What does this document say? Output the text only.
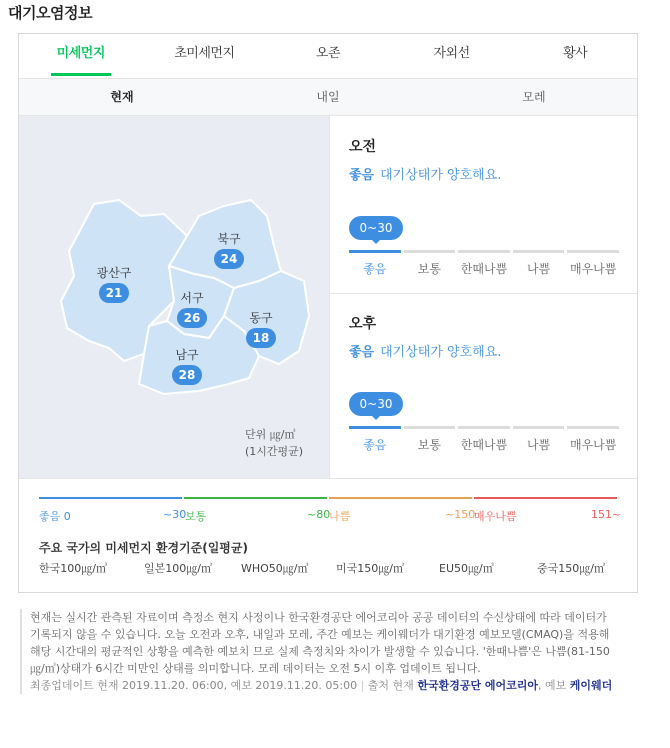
대기오염정보
미세먼지	초미세먼지	오존	자외선	황사
현재	내일	모레
광산구
21
북구
24
서구
26	동구
18
남구
28
단위 ㎍/㎥
(1시간평균)
오전
좋음 대기상태가 양호해요.
0~30
좋음	보통	한때나쁨	나쁨	매우나쁨
오후
좋음 대기상태가 양호해요.
0~30
좋음	보통	한때나쁨	나쁨	매우나쁨
좋음 0	~30
보통	~80
나쁨	~150
매우나쁨	151~
주요 국가의 미세먼지 환경기준(일평균)
한국100㎍/㎥	일본100㎍/㎥	WHO50㎍/㎥ 미국150㎍/㎥	EU50㎍/㎥	중국150㎍/㎥
현재는 실시간 관측된 자료이며 측정소 현지 사정이나 한국환경공단 에어코리아 공공 데이터의 수신상태에 따라 데이터가 기록되지 않을 수 있습니다. 오늘 오전과 오후, 내일과 모레, 주간 예보는 케이웨더가 대기환경 예보모델(CMAQ)을 적용해 해당 시간대의 평균적인 상황을 예측한 예보치 므로 실제 측정치와 차이가 발생할 수 있습니다. '한때나쁨'은 나쁨(81-150㎍/㎥)상태가 6시간 미만인 상태를 의미합니다. 모레 데이터는 오전 5시 이후 업데이트 됩니다.
최종업데이트 현재 2019.11.20. 06:00, 예보 2019.11.20. 05:00 | 출처 현재 한국환경공단 에어코리아, 예보 케이웨더
